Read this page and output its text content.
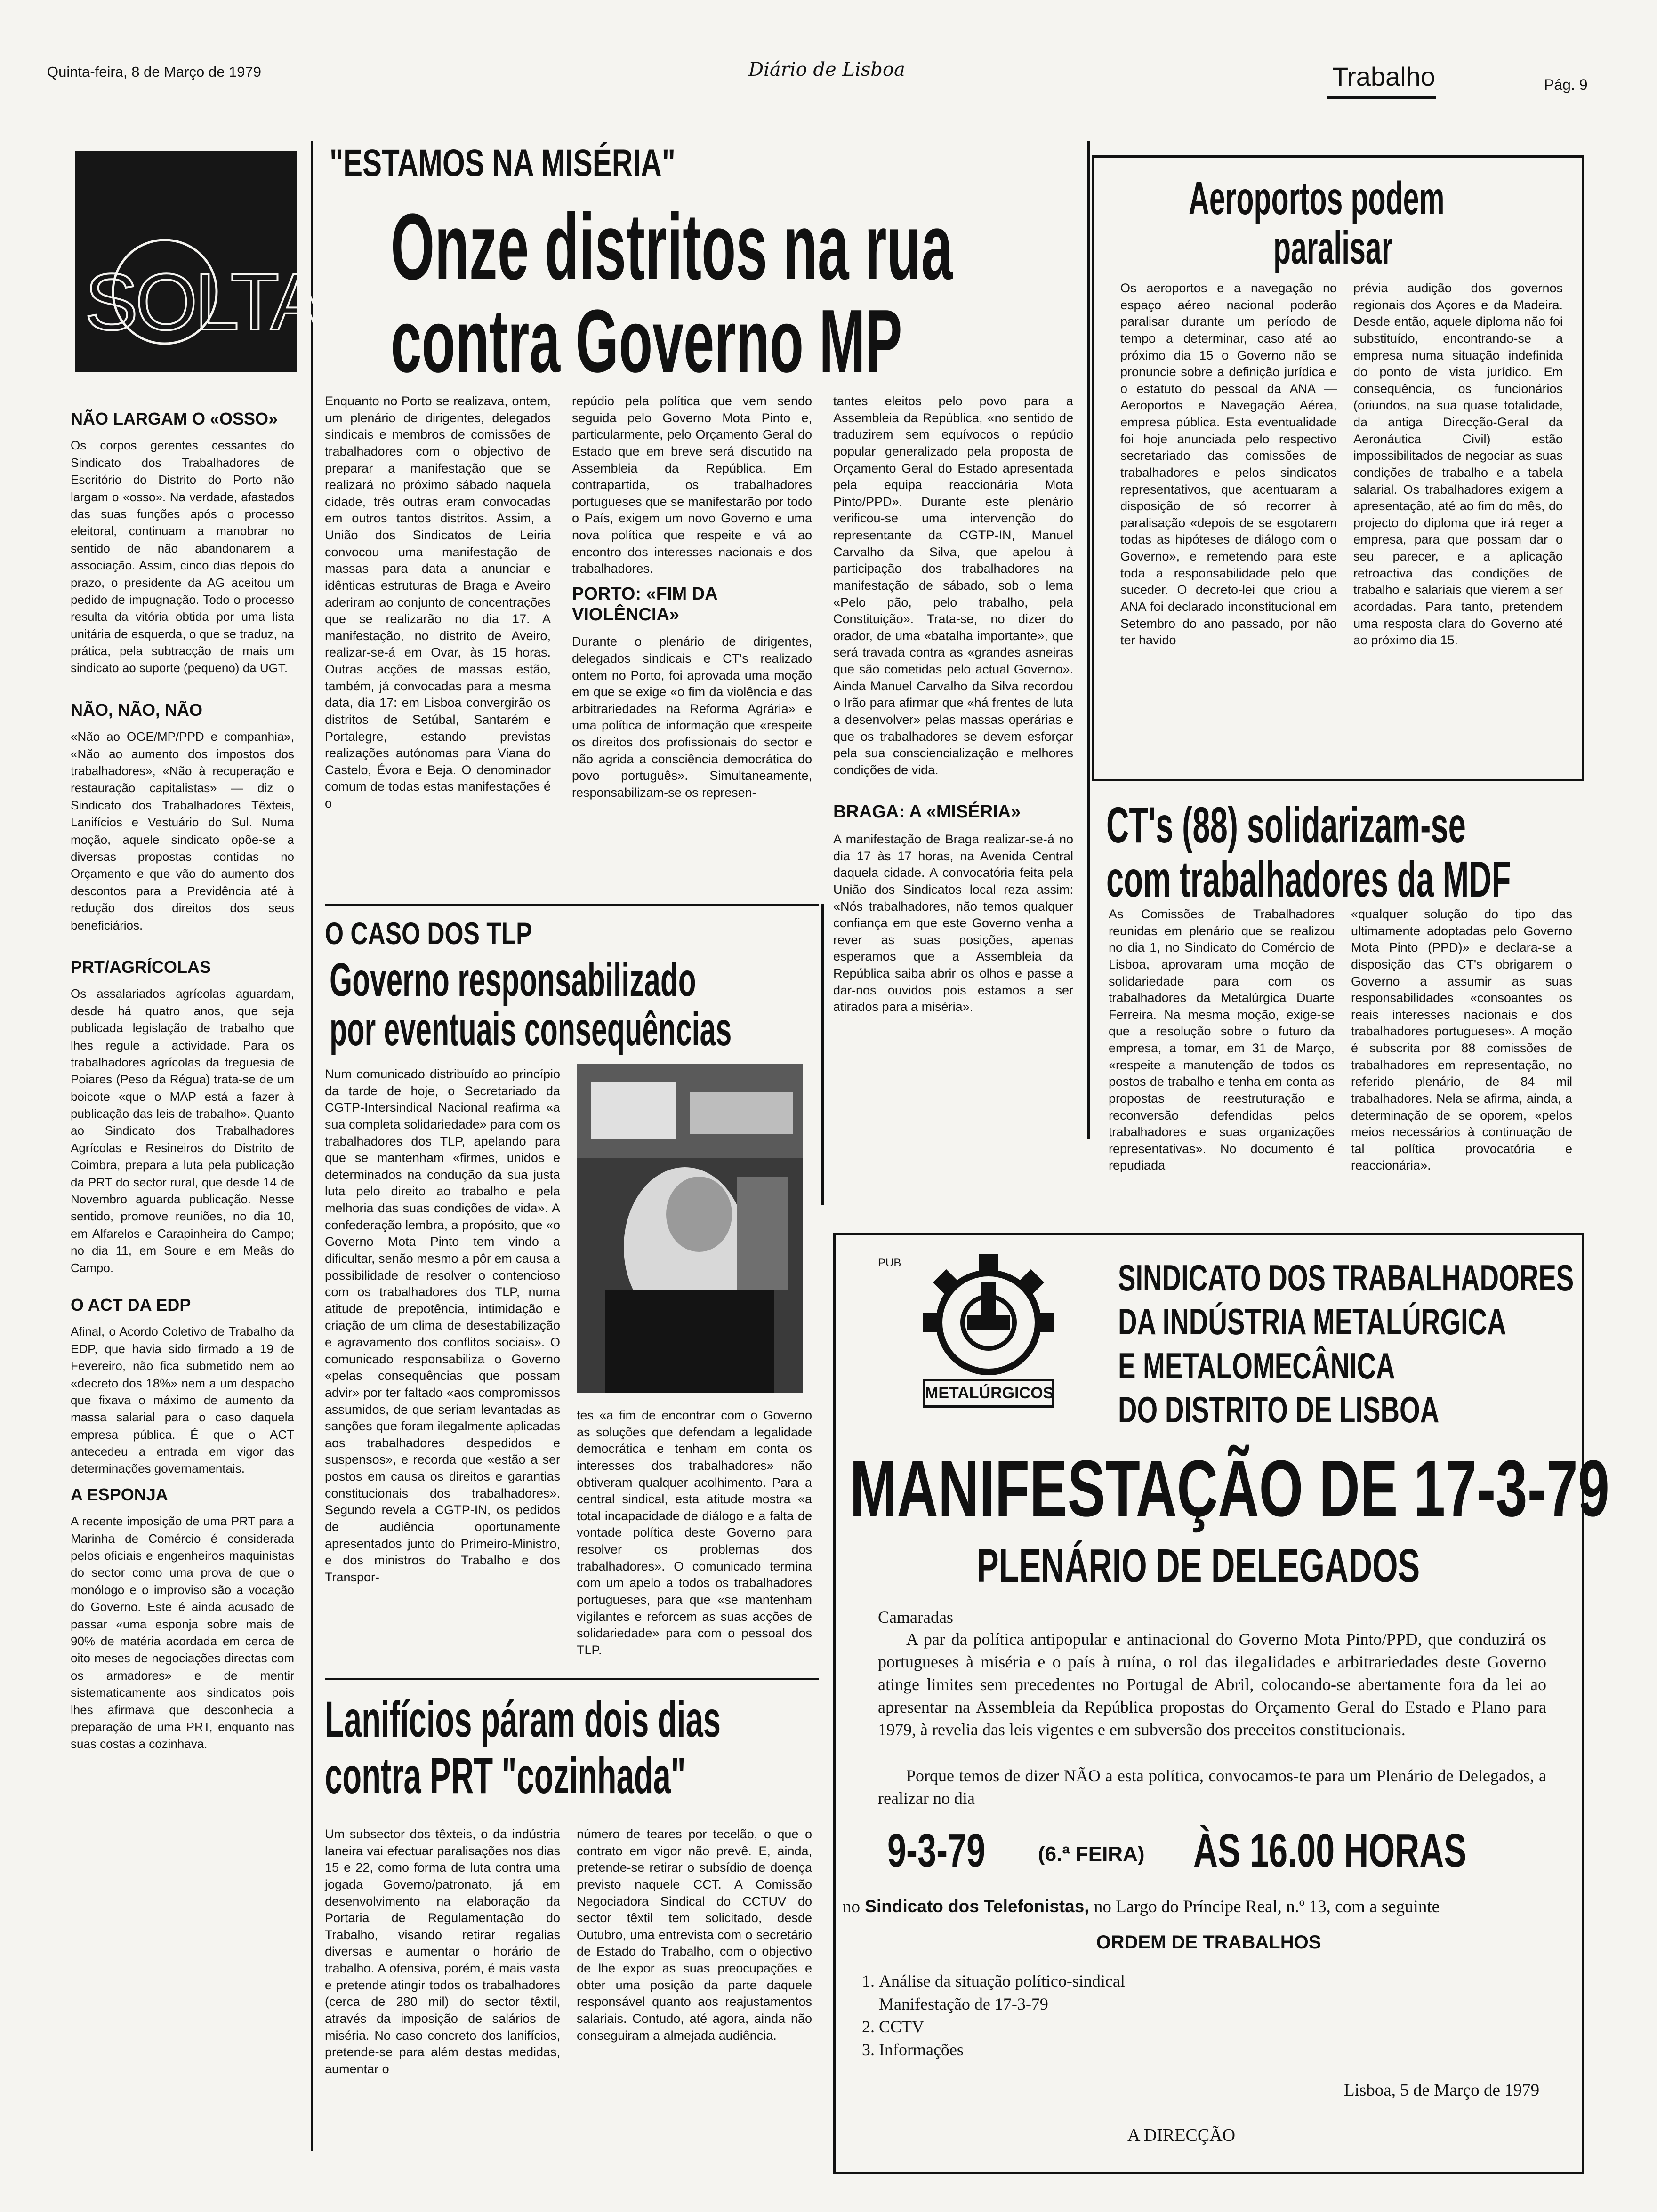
Quinta-feira, 8 de Março de 1979	Diário de Lisboa	Trabalho	Pág. 9
SOLTAS
NÃO LARGAM O «OSSO»

Os corpos gerentes cessantes do Sindicato dos Trabalhadores de Escritório do Distrito do Porto não largam o «osso». Na verdade, afastados das suas funções após o processo eleitoral, continuam a manobrar no sentido de não abandonarem a associação. Assim, cinco dias depois do prazo, o presidente da AG aceitou um pedido de impugnação. Todo o processo resulta da vitória obtida por uma lista unitária de esquerda, o que se traduz, na prática, pela subtracção de mais um sindicato ao suporte (pequeno) da UGT.

NÃO, NÃO, NÃO

«Não ao OGE/MP/PPD e companhia», «Não ao aumento dos impostos dos trabalhadores», «Não à recuperação e restauração capitalistas» — diz o Sindicato dos Trabalhadores Têxteis, Lanifícios e Vestuário do Sul. Numa moção, aquele sindicato opõe-se a diversas propostas contidas no Orçamento e que vão do aumento dos descontos para a Previdência até à redução dos direitos dos seus beneficiários.

PRT/AGRÍCOLAS

Os assalariados agrícolas aguardam, desde há quatro anos, que seja publicada legislação de trabalho que lhes regule a actividade. Para os trabalhadores agrícolas da freguesia de Poiares (Peso da Régua) trata-se de um boicote «que o MAP está a fazer à publicação das leis de trabalho». Quanto ao Sindicato dos Trabalhadores Agrícolas e Resineiros do Distrito de Coimbra, prepara a luta pela publicação da PRT do sector rural, que desde 14 de Novembro aguarda publicação. Nesse sentido, promove reuniões, no dia 10, em Alfarelos e Carapinheira do Campo; no dia 11, em Soure e em Meãs do Campo.

O ACT DA EDP

Afinal, o Acordo Coletivo de Trabalho da EDP, que havia sido firmado a 19 de Fevereiro, não fica submetido nem ao «decreto dos 18%» nem a um despacho que fixava o máximo de aumento da massa salarial para o caso daquela empresa pública. É que o ACT antecedeu a entrada em vigor das determinações governamentais.

A ESPONJA

A recente imposição de uma PRT para a Marinha de Comércio é considerada pelos oficiais e engenheiros maquinistas do sector como uma prova de que o monólogo e o improviso são a vocação do Governo. Este é ainda acusado de passar «uma esponja sobre mais de 90% de matéria acordada em cerca de oito meses de negociações directas com os armadores» e de mentir sistematicamente aos sindicatos pois lhes afirmava que desconhecia a preparação de uma PRT, enquanto nas suas costas a cozinhava.

"ESTAMOS NA MISÉRIA"
Onze distritos na rua
contra Governo MP

Enquanto no Porto se realizava, ontem, um plenário de dirigentes, delegados sindicais e membros de comissões de trabalhadores com o objectivo de preparar a manifestação que se realizará no próximo sábado naquela cidade, três outras eram convocadas em outros tantos distritos. Assim, a União dos Sindicatos de Leiria convocou uma manifestação de massas para data a anunciar e idênticas estruturas de Braga e Aveiro aderiram ao conjunto de concentrações que se realizarão no dia 17. A manifestação, no distrito de Aveiro, realizar-se-á em Ovar, às 15 horas. Outras acções de massas estão, também, já convocadas para a mesma data, dia 17: em Lisboa convergirão os distritos de Setúbal, Santarém e Portalegre, estando previstas realizações autónomas para Viana do Castelo, Évora e Beja. O denominador comum de todas estas manifestações é o

repúdio pela política que vem sendo seguida pelo Governo Mota Pinto e, particularmente, pelo Orçamento Geral do Estado que em breve será discutido na Assembleia da República. Em contrapartida, os trabalhadores portugueses que se manifestarão por todo o País, exigem um novo Governo e uma nova política que respeite e vá ao encontro dos interesses nacionais e dos trabalhadores.

PORTO: «FIM DA VIOLÊNCIA»

Durante o plenário de dirigentes, delegados sindicais e CT's realizado ontem no Porto, foi aprovada uma moção em que se exige «o fim da violência e das arbitrariedades na Reforma Agrária» e uma política de informação que «respeite os direitos dos profissionais do sector e não agrida a consciência democrática do povo português». Simultaneamente, responsabilizam-se os represen-

tantes eleitos pelo povo para a Assembleia da República, «no sentido de traduzirem sem equívocos o repúdio popular generalizado pela proposta de Orçamento Geral do Estado apresentada pela equipa reaccionária Mota Pinto/PPD». Durante este plenário verificou-se uma intervenção do representante da CGTP-IN, Manuel Carvalho da Silva, que apelou à participação dos trabalhadores na manifestação de sábado, sob o lema «Pelo pão, pelo trabalho, pela Constituição». Trata-se, no dizer do orador, de uma «batalha importante», que será travada contra as «grandes asneiras que são cometidas pelo actual Governo». Ainda Manuel Carvalho da Silva recordou o Irão para afirmar que «há frentes de luta a desenvolver» pelas massas operárias e que os trabalhadores se devem esforçar pela sua consciencialização e melhores condições de vida.

BRAGA: A «MISÉRIA»

A manifestação de Braga realizar-se-á no dia 17 às 17 horas, na Avenida Central daquela cidade. A convocatória feita pela União dos Sindicatos local reza assim: «Nós trabalhadores, não temos qualquer confiança em que este Governo venha a rever as suas posições, apenas esperamos que a Assembleia da República saiba abrir os olhos e passe a dar-nos ouvidos pois estamos a ser atirados para a miséria».

O CASO DOS TLP
Governo responsabilizado
por eventuais consequências

Num comunicado distribuído ao princípio da tarde de hoje, o Secretariado da CGTP-Intersindical Nacional reafirma «a sua completa solidariedade» para com os trabalhadores dos TLP, apelando para que se mantenham «firmes, unidos e determinados na condução da sua justa luta pelo direito ao trabalho e pela melhoria das suas condições de vida». A confederação lembra, a propósito, que «o Governo Mota Pinto tem vindo a dificultar, senão mesmo a pôr em causa a possibilidade de resolver o contencioso com os trabalhadores dos TLP, numa atitude de prepotência, intimidação e criação de um clima de desestabilização e agravamento dos conflitos sociais». O comunicado responsabiliza o Governo «pelas consequências que possam advir» por ter faltado «aos compromissos assumidos, de que seriam levantadas as sanções que foram ilegalmente aplicadas aos trabalhadores despedidos e suspensos», e recorda que «estão a ser postos em causa os direitos e garantias constitucionais dos trabalhadores». Segundo revela a CGTP-IN, os pedidos de audiência oportunamente apresentados junto do Primeiro-Ministro, e dos ministros do Trabalho e dos Transpor-

tes «a fim de encontrar com o Governo as soluções que defendam a legalidade democrática e tenham em conta os interesses dos trabalhadores» não obtiveram qualquer acolhimento. Para a central sindical, esta atitude mostra «a total incapacidade de diálogo e a falta de vontade política deste Governo para resolver os problemas dos trabalhadores». O comunicado termina com um apelo a todos os trabalhadores portugueses, para que «se mantenham vigilantes e reforcem as suas acções de solidariedade» para com o pessoal dos TLP.

Lanifícios páram dois dias
contra PRT "cozinhada"

Um subsector dos têxteis, o da indústria laneira vai efectuar paralisações nos dias 15 e 22, como forma de luta contra uma jogada Governo/patronato, já em desenvolvimento na elaboração da Portaria de Regulamentação do Trabalho, visando retirar regalias diversas e aumentar o horário de trabalho. A ofensiva, porém, é mais vasta e pretende atingir todos os trabalhadores (cerca de 280 mil) do sector têxtil, através da imposição de salários de miséria. No caso concreto dos lanifícios, pretende-se para além destas medidas, aumentar o

número de teares por tecelão, o que o contrato em vigor não prevê. E, ainda, pretende-se retirar o subsídio de doença previsto naquele CCT. A Comissão Negociadora Sindical do CCTUV do sector têxtil tem solicitado, desde Outubro, uma entrevista com o secretário de Estado do Trabalho, com o objectivo de lhe expor as suas preocupações e obter uma posição da parte daquele responsável quanto aos reajustamentos salariais. Contudo, até agora, ainda não conseguiram a almejada audiência.

Aeroportos podem
paralisar

Os aeroportos e a navegação no espaço aéreo nacional poderão paralisar durante um período de tempo a determinar, caso até ao próximo dia 15 o Governo não se pronuncie sobre a definição jurídica e o estatuto do pessoal da ANA — Aeroportos e Navegação Aérea, empresa pública. Esta eventualidade foi hoje anunciada pelo respectivo secretariado das comissões de trabalhadores e pelos sindicatos representativos, que acentuaram a disposição de só recorrer à paralisação «depois de se esgotarem todas as hipóteses de diálogo com o Governo», e remetendo para este toda a responsabilidade pelo que suceder. O decreto-lei que criou a ANA foi declarado inconstitucional em Setembro do ano passado, por não ter havido

prévia audição dos governos regionais dos Açores e da Madeira. Desde então, aquele diploma não foi substituído, encontrando-se a empresa numa situação indefinida do ponto de vista jurídico. Em consequência, os funcionários (oriundos, na sua quase totalidade, da antiga Direcção-Geral da Aeronáutica Civil) estão impossibilitados de negociar as suas condições de trabalho e a tabela salarial. Os trabalhadores exigem a apresentação, até ao fim do mês, do projecto do diploma que irá reger a empresa, para que possam dar o seu parecer, e a aplicação retroactiva das condições de trabalho e salariais que vierem a ser acordadas. Para tanto, pretendem uma resposta clara do Governo até ao próximo dia 15.

CT's (88) solidarizam-se
com trabalhadores da MDF

As Comissões de Trabalhadores reunidas em plenário que se realizou no dia 1, no Sindicato do Comércio de Lisboa, aprovaram uma moção de solidariedade para com os trabalhadores da Metalúrgica Duarte Ferreira. Na mesma moção, exige-se que a resolução sobre o futuro da empresa, a tomar, em 31 de Março, «respeite a manutenção de todos os postos de trabalho e tenha em conta as propostas de reestruturação e reconversão defendidas pelos trabalhadores e suas organizações representativas». No documento é repudiada

«qualquer solução do tipo das ultimamente adoptadas pelo Governo Mota Pinto (PPD)» e declara-se a disposição das CT's obrigarem o Governo a assumir as suas responsabilidades «consoantes os reais interesses nacionais e dos trabalhadores portugueses». A moção é subscrita por 88 comissões de trabalhadores em representação, no referido plenário, de 84 mil trabalhadores. Nela se afirma, ainda, a determinação de se oporem, «pelos meios necessários à continuação de tal política provocatória e reaccionária».

PUB
METALÚRGICOS
SINDICATO DOS TRABALHADORES
DA INDÚSTRIA METALÚRGICA
E METALOMECÂNICA
DO DISTRITO DE LISBOA
MANIFESTAÇÃO DE 17-3-79
PLENÁRIO DE DELEGADOS
Camaradas

A par da política antipopular e antinacional do Governo Mota Pinto/PPD, que conduzirá os portugueses à miséria e o país à ruína, o rol das ilegalidades e arbitrariedades deste Governo atinge limites sem precedentes no Portugal de Abril, colocando-se abertamente fora da lei ao apresentar na Assembleia da República propostas do Orçamento Geral do Estado e Plano para 1979, à revelia das leis vigentes e em subversão dos preceitos constitucionais.

Porque temos de dizer NÃO a esta política, convocamos-te para um Plenário de Delegados, a realizar no dia

9-3-79	(6.ª FEIRA) ÀS 16.00 HORAS
no Sindicato dos Telefonistas, no Largo do Príncipe Real, n.º 13, com a seguinte
ORDEM DE TRABALHOS
1. Análise da situação político-sindical
Manifestação de 17-3-79
2. CCTV
3. Informações
Lisboa, 5 de Março de 1979
A DIRECÇÃO
